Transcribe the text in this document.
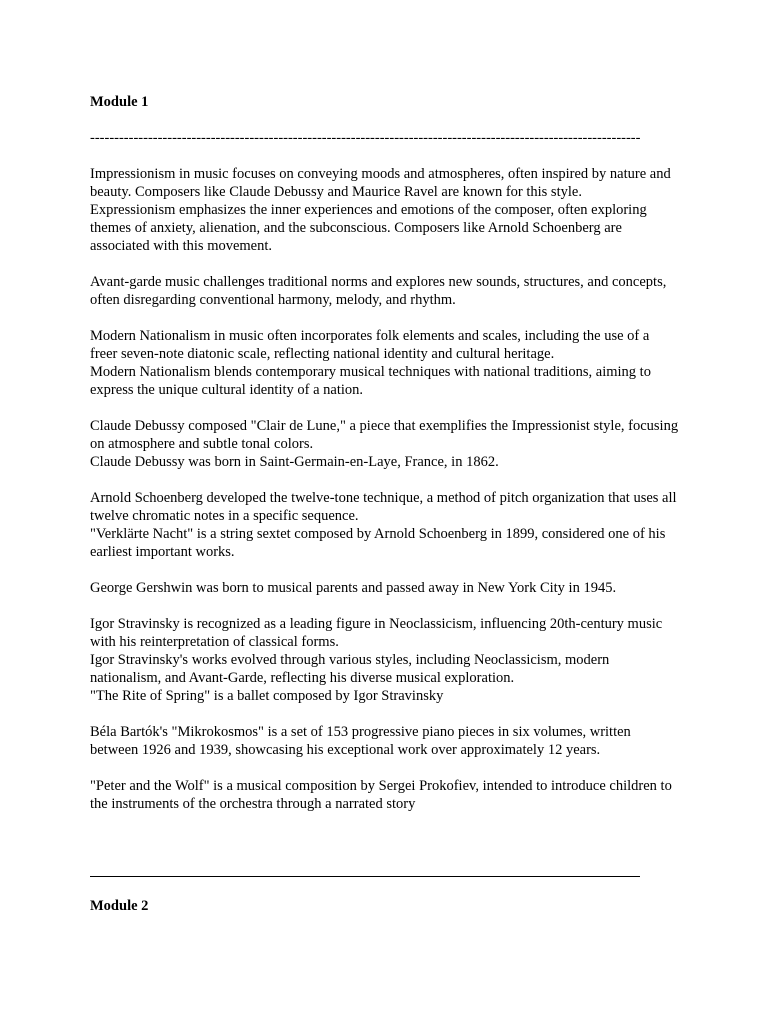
Module 1

------------------------------------------------------------------------------------------------------------------

Impressionism in music focuses on conveying moods and atmospheres, often inspired by nature and beauty. Composers like Claude Debussy and Maurice Ravel are known for this style.
Expressionism emphasizes the inner experiences and emotions of the composer, often exploring themes of anxiety, alienation, and the subconscious. Composers like Arnold Schoenberg are associated with this movement.

Avant-garde music challenges traditional norms and explores new sounds, structures, and concepts, often disregarding conventional harmony, melody, and rhythm.

Modern Nationalism in music often incorporates folk elements and scales, including the use of a freer seven-note diatonic scale, reflecting national identity and cultural heritage.
Modern Nationalism blends contemporary musical techniques with national traditions, aiming to express the unique cultural identity of a nation.

Claude Debussy composed "Clair de Lune," a piece that exemplifies the Impressionist style, focusing on atmosphere and subtle tonal colors.
Claude Debussy was born in Saint-Germain-en-Laye, France, in 1862.

Arnold Schoenberg developed the twelve-tone technique, a method of pitch organization that uses all twelve chromatic notes in a specific sequence.
"Verklärte Nacht" is a string sextet composed by Arnold Schoenberg in 1899, considered one of his earliest important works.

George Gershwin was born to musical parents and passed away in New York City in 1945.

Igor Stravinsky is recognized as a leading figure in Neoclassicism, influencing 20th-century music with his reinterpretation of classical forms.
Igor Stravinsky's works evolved through various styles, including Neoclassicism, modern nationalism, and Avant-Garde, reflecting his diverse musical exploration.
"The Rite of Spring" is a ballet composed by Igor Stravinsky

Béla Bartók's "Mikrokosmos" is a set of 153 progressive piano pieces in six volumes, written between 1926 and 1939, showcasing his exceptional work over approximately 12 years.

"Peter and the Wolf" is a musical composition by Sergei Prokofiev, intended to introduce children to the instruments of the orchestra through a narrated story

Module 2
